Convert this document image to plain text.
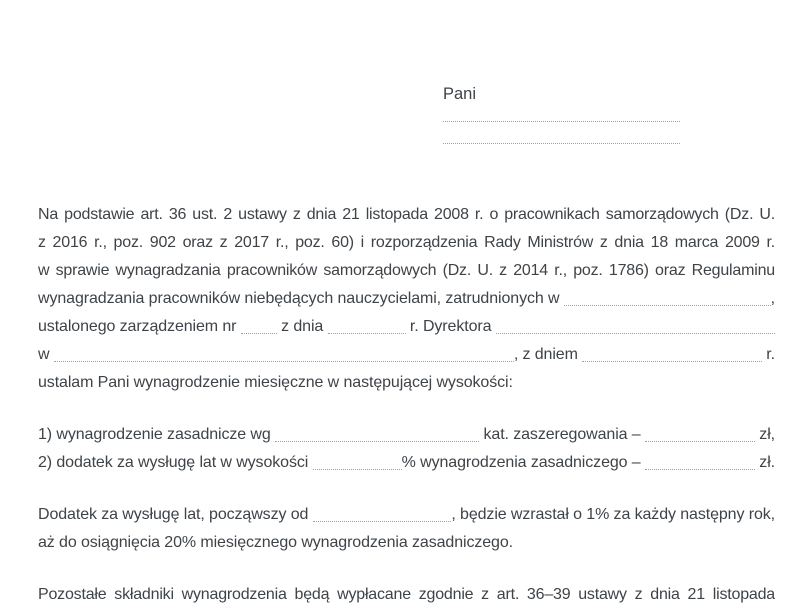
Pani
Na podstawie art. 36 ust. 2 ustawy z dnia 21 listopada 2008 r. o pracownikach samorządowych (Dz. U.
z 2016 r., poz. 902 oraz z 2017 r., poz. 60) i rozporządzenia Rady Ministrów z dnia 18 marca 2009 r.
w sprawie wynagradzania pracowników samorządowych (Dz. U. z 2014 r., poz. 1786) oraz Regulaminu
wynagradzania pracowników niebędących nauczycielami, zatrudnionych w	,
ustalonego zarządzeniem nr z dnia	r. Dyrektora
w	, z dniem	r.
ustalam Pani wynagrodzenie miesięczne w następującej wysokości:
1) wynagrodzenie zasadnicze wg	kat. zaszeregowania –	zł,
2) dodatek za wysługę lat w wysokości	% wynagrodzenia zasadniczego –	zł.
Dodatek za wysługę lat, począwszy od	, będzie wzrastał o 1% za każdy następny rok,
aż do osiągnięcia 20% miesięcznego wynagrodzenia zasadniczego.
Pozostałe składniki wynagrodzenia będą wypłacane zgodnie z art. 36–39 ustawy z dnia 21 listopada
